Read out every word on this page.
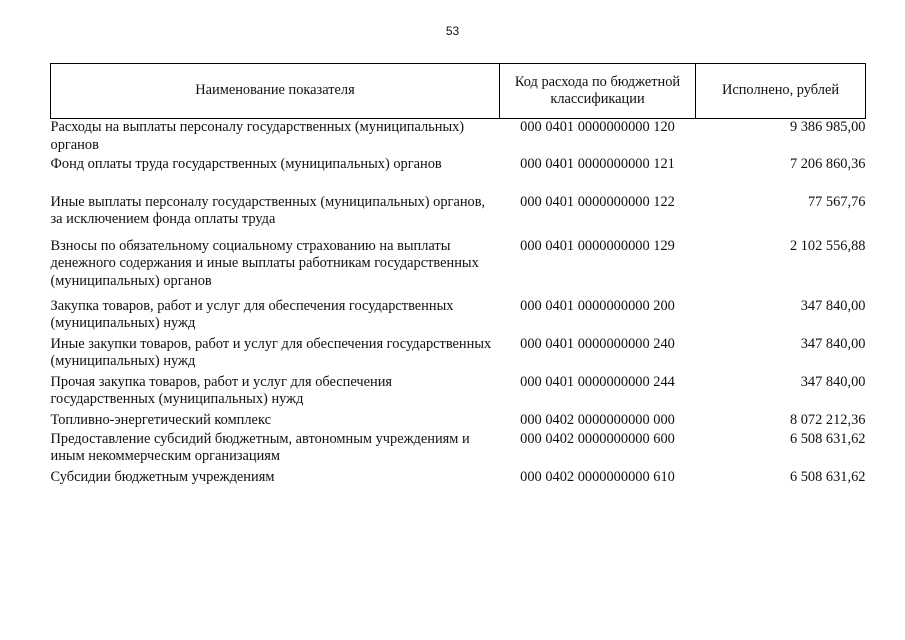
53
Наименование показателя	Код расхода по бюджетной классификации	Исполнено, рублей
Расходы на выплаты персоналу государственных (муниципальных) органов	000 0401 0000000000 120	9 386 985,00
Фонд оплаты труда государственных (муниципальных) органов	000 0401 0000000000 121	7 206 860,36
Иные выплаты персоналу государственных (муниципальных) органов, за исключением фонда оплаты труда	000 0401 0000000000 122	77 567,76
Взносы по обязательному социальному страхованию на выплаты денежного содержания и иные выплаты работникам государственных (муниципальных) органов	000 0401 0000000000 129	2 102 556,88
Закупка товаров, работ и услуг для обеспечения государственных (муниципальных) нужд	000 0401 0000000000 200	347 840,00
Иные закупки товаров, работ и услуг для обеспечения государственных (муниципальных) нужд	000 0401 0000000000 240	347 840,00
Прочая закупка товаров, работ и услуг для обеспечения государственных (муниципальных) нужд	000 0401 0000000000 244	347 840,00
Топливно-энергетический комплекс	000 0402 0000000000 000	8 072 212,36
Предоставление субсидий бюджетным, автономным учреждениям и иным некоммерческим организациям	000 0402 0000000000 600	6 508 631,62
Субсидии бюджетным учреждениям	000 0402 0000000000 610	6 508 631,62
